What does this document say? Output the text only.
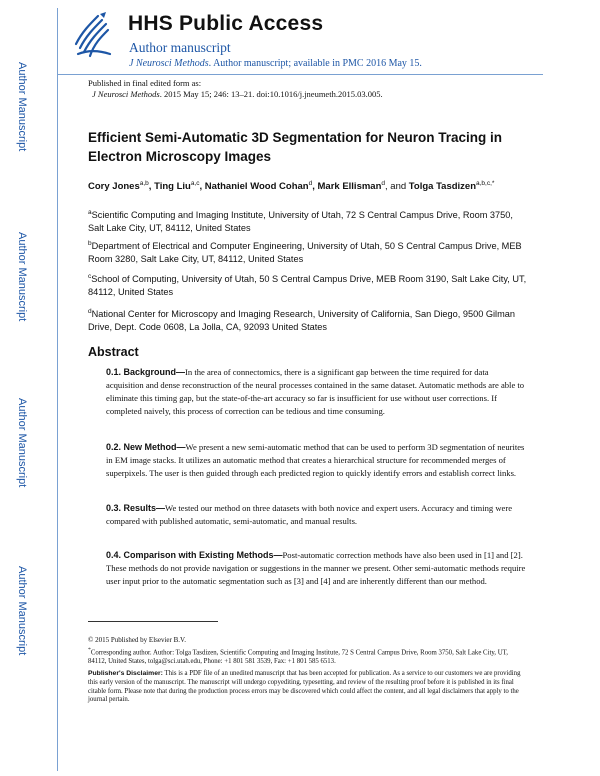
Author Manuscript
Author Manuscript
Author Manuscript
Author Manuscript
HHS Public Access
Author manuscript
J Neurosci Methods. Author manuscript; available in PMC 2016 May 15.
Published in final edited form as:
J Neurosci Methods. 2015 May 15; 246: 13–21. doi:10.1016/j.jneumeth.2015.03.005.
Efficient Semi-Automatic 3D Segmentation for Neuron Tracing in Electron Microscopy Images
Cory Jones$^{a,b}$, Ting Liu$^{a,c}$, Nathaniel Wood Cohan$^d$, Mark Ellisman$^d$, and Tolga Tasdizen$^{a,b,c,*}$
$^a$Scientific Computing and Imaging Institute, University of Utah, 72 S Central Campus Drive, Room 3750, Salt Lake City, UT, 84112, United States
$^b$Department of Electrical and Computer Engineering, University of Utah, 50 S Central Campus Drive, MEB Room 3280, Salt Lake City, UT, 84112, United States
$^c$School of Computing, University of Utah, 50 S Central Campus Drive, MEB Room 3190, Salt Lake City, UT, 84112, United States
$^d$National Center for Microscopy and Imaging Research, University of California, San Diego, 9500 Gilman Drive, Dept. Code 0608, La Jolla, CA, 92093 United States
Abstract
0.1. Background—In the area of connectomics, there is a significant gap between the time required for data acquisition and dense reconstruction of the neural processes contained in the same dataset. Automatic methods are able to eliminate this timing gap, but the state-of-the-art accuracy so far is insufficient for use without user corrections. If completed naively, this process of correction can be tedious and time consuming.
0.2. New Method—We present a new semi-automatic method that can be used to perform 3D segmentation of neurites in EM image stacks. It utilizes an automatic method that creates a hierarchical structure for recommended merges of superpixels. The user is then guided through each predicted region to quickly identify errors and establish correct links.
0.3. Results—We tested our method on three datasets with both novice and expert users. Accuracy and timing were compared with published automatic, semi-automatic, and manual results.
0.4. Comparison with Existing Methods—Post-automatic correction methods have also been used in [1] and [2]. These methods do not provide navigation or suggestions in the manner we present. Other semi-automatic methods require user input prior to the automatic segmentation such as [3] and [4] and are inherently different than our method.
© 2015 Published by Elsevier B.V.
*Corresponding author. Author: Tolga Tasdizen, Scientific Computing and Imaging Institute, 72 S Central Campus Drive, Room 3750, Salt Lake City, UT, 84112, United States, tolga@sci.utah.edu, Phone: +1 801 581 3539, Fax: +1 801 585 6513.
Publisher's Disclaimer: This is a PDF file of an unedited manuscript that has been accepted for publication. As a service to our customers we are providing this early version of the manuscript. The manuscript will undergo copyediting, typesetting, and review of the resulting proof before it is published in its final citable form. Please note that during the production process errors may be discovered which could affect the content, and all legal disclaimers that apply to the journal pertain.
